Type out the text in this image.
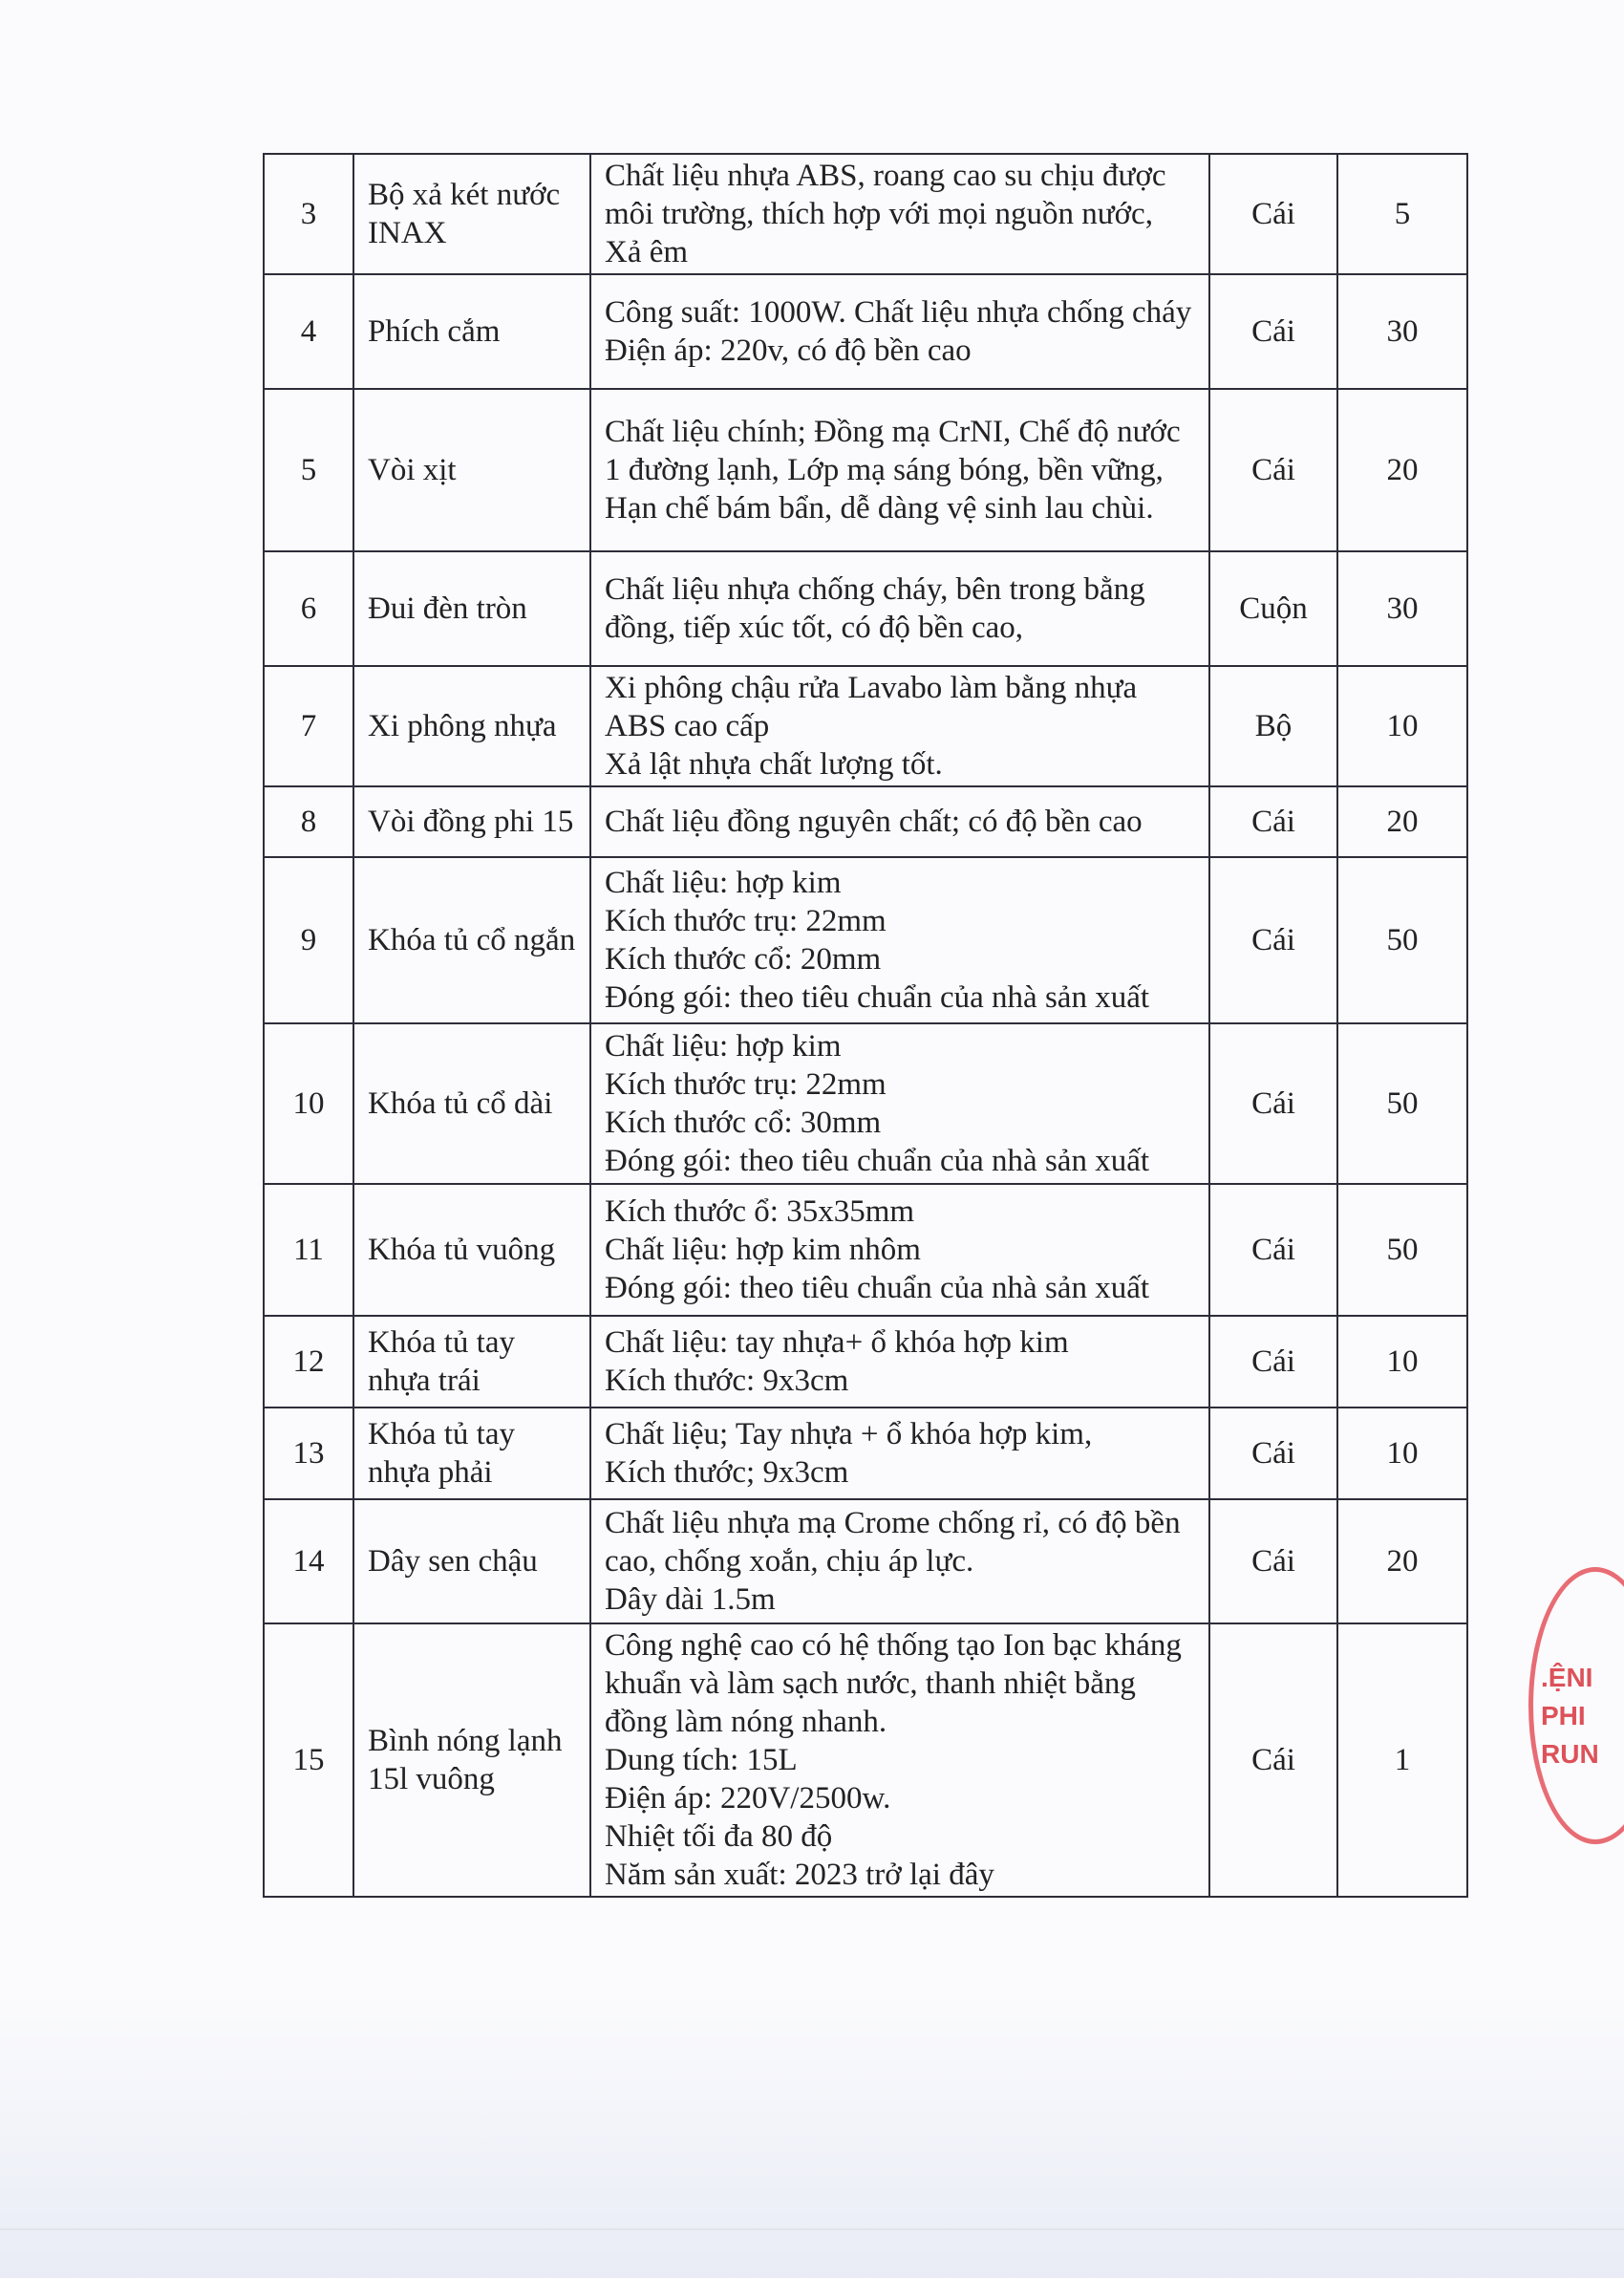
3	Bộ xả két nước INAX	Chất liệu nhựa ABS, roang cao su chịu được môi trường, thích hợp với mọi nguồn nước,
Xả êm	Cái	5
4	Phích cắm	Công suất: 1000W. Chất liệu nhựa chống cháy
Điện áp: 220v, có độ bền cao	Cái	30
5	Vòi xịt	Chất liệu chính; Đồng mạ CrNI, Chế độ nước 1 đường lạnh, Lớp mạ sáng bóng, bền vững, Hạn chế bám bẩn, dễ dàng vệ sinh lau chùi.	Cái	20
6	Đui đèn tròn	Chất liệu nhựa chống cháy, bên trong bằng đồng, tiếp xúc tốt, có độ bền cao,	Cuộn	30
7	Xi phông nhựa	Xi phông chậu rửa Lavabo làm bằng nhựa ABS cao cấp
Xả lật nhựa chất lượng tốt.	Bộ	10
8	Vòi đồng phi 15	Chất liệu đồng nguyên chất; có độ bền cao	Cái	20
9	Khóa tủ cổ ngắn	Chất liệu: hợp kim
Kích thước trụ: 22mm
Kích thước cổ: 20mm
Đóng gói: theo tiêu chuẩn của nhà sản xuất	Cái	50
10	Khóa tủ cổ dài	Chất liệu: hợp kim
Kích thước trụ: 22mm
Kích thước cổ: 30mm
Đóng gói: theo tiêu chuẩn của nhà sản xuất	Cái	50
11	Khóa tủ vuông	Kích thước ổ: 35x35mm
Chất liệu: hợp kim nhôm
Đóng gói: theo tiêu chuẩn của nhà sản xuất	Cái	50
12	Khóa tủ tay nhựa trái	Chất liệu: tay nhựa+ ổ khóa hợp kim
Kích thước: 9x3cm	Cái	10
13	Khóa tủ tay nhựa phải	Chất liệu; Tay nhựa + ổ khóa hợp kim,
Kích thước; 9x3cm	Cái	10
14	Dây sen chậu	Chất liệu nhựa mạ Crome chống rỉ, có độ bền cao, chống xoắn, chịu áp lực.
Dây dài 1.5m	Cái	20
15	Bình nóng lạnh 15l vuông	Công nghệ cao có hệ thống tạo Ion bạc kháng khuẩn và làm sạch nước, thanh nhiệt bằng đồng làm nóng nhanh.
Dung tích: 15L
Điện áp: 220V/2500w.
Nhiệt tối đa 80 độ
Năm sản xuất: 2023 trở lại đây	Cái	1
.ỆNI
PHI
RUN
